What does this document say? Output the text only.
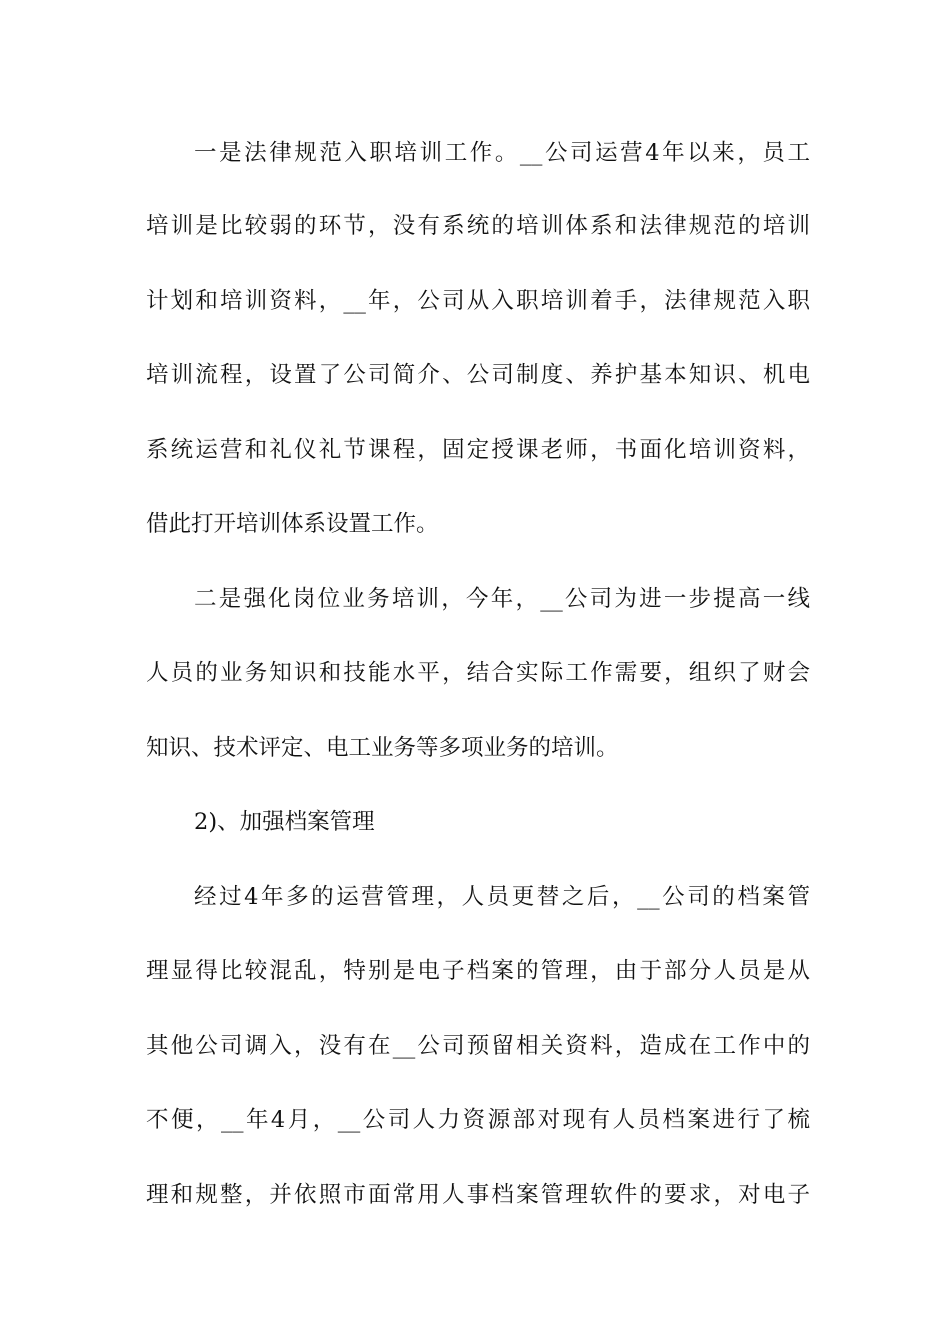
一是法律规范入职培训工作。__公司运营4年以来，员工
培训是比较弱的环节，没有系统的培训体系和法律规范的培训
计划和培训资料，__年，公司从入职培训着手，法律规范入职
培训流程，设置了公司简介、公司制度、养护基本知识、机电
系统运营和礼仪礼节课程，固定授课老师，书面化培训资料，
借此打开培训体系设置工作。
二是强化岗位业务培训，今年，__公司为进一步提高一线
人员的业务知识和技能水平，结合实际工作需要，组织了财会
知识、技术评定、电工业务等多项业务的培训。
2)、加强档案管理
经过4年多的运营管理，人员更替之后，__公司的档案管
理显得比较混乱，特别是电子档案的管理，由于部分人员是从
其他公司调入，没有在__公司预留相关资料，造成在工作中的
不便，__年4月，__公司人力资源部对现有人员档案进行了梳
理和规整，并依照市面常用人事档案管理软件的要求，对电子
